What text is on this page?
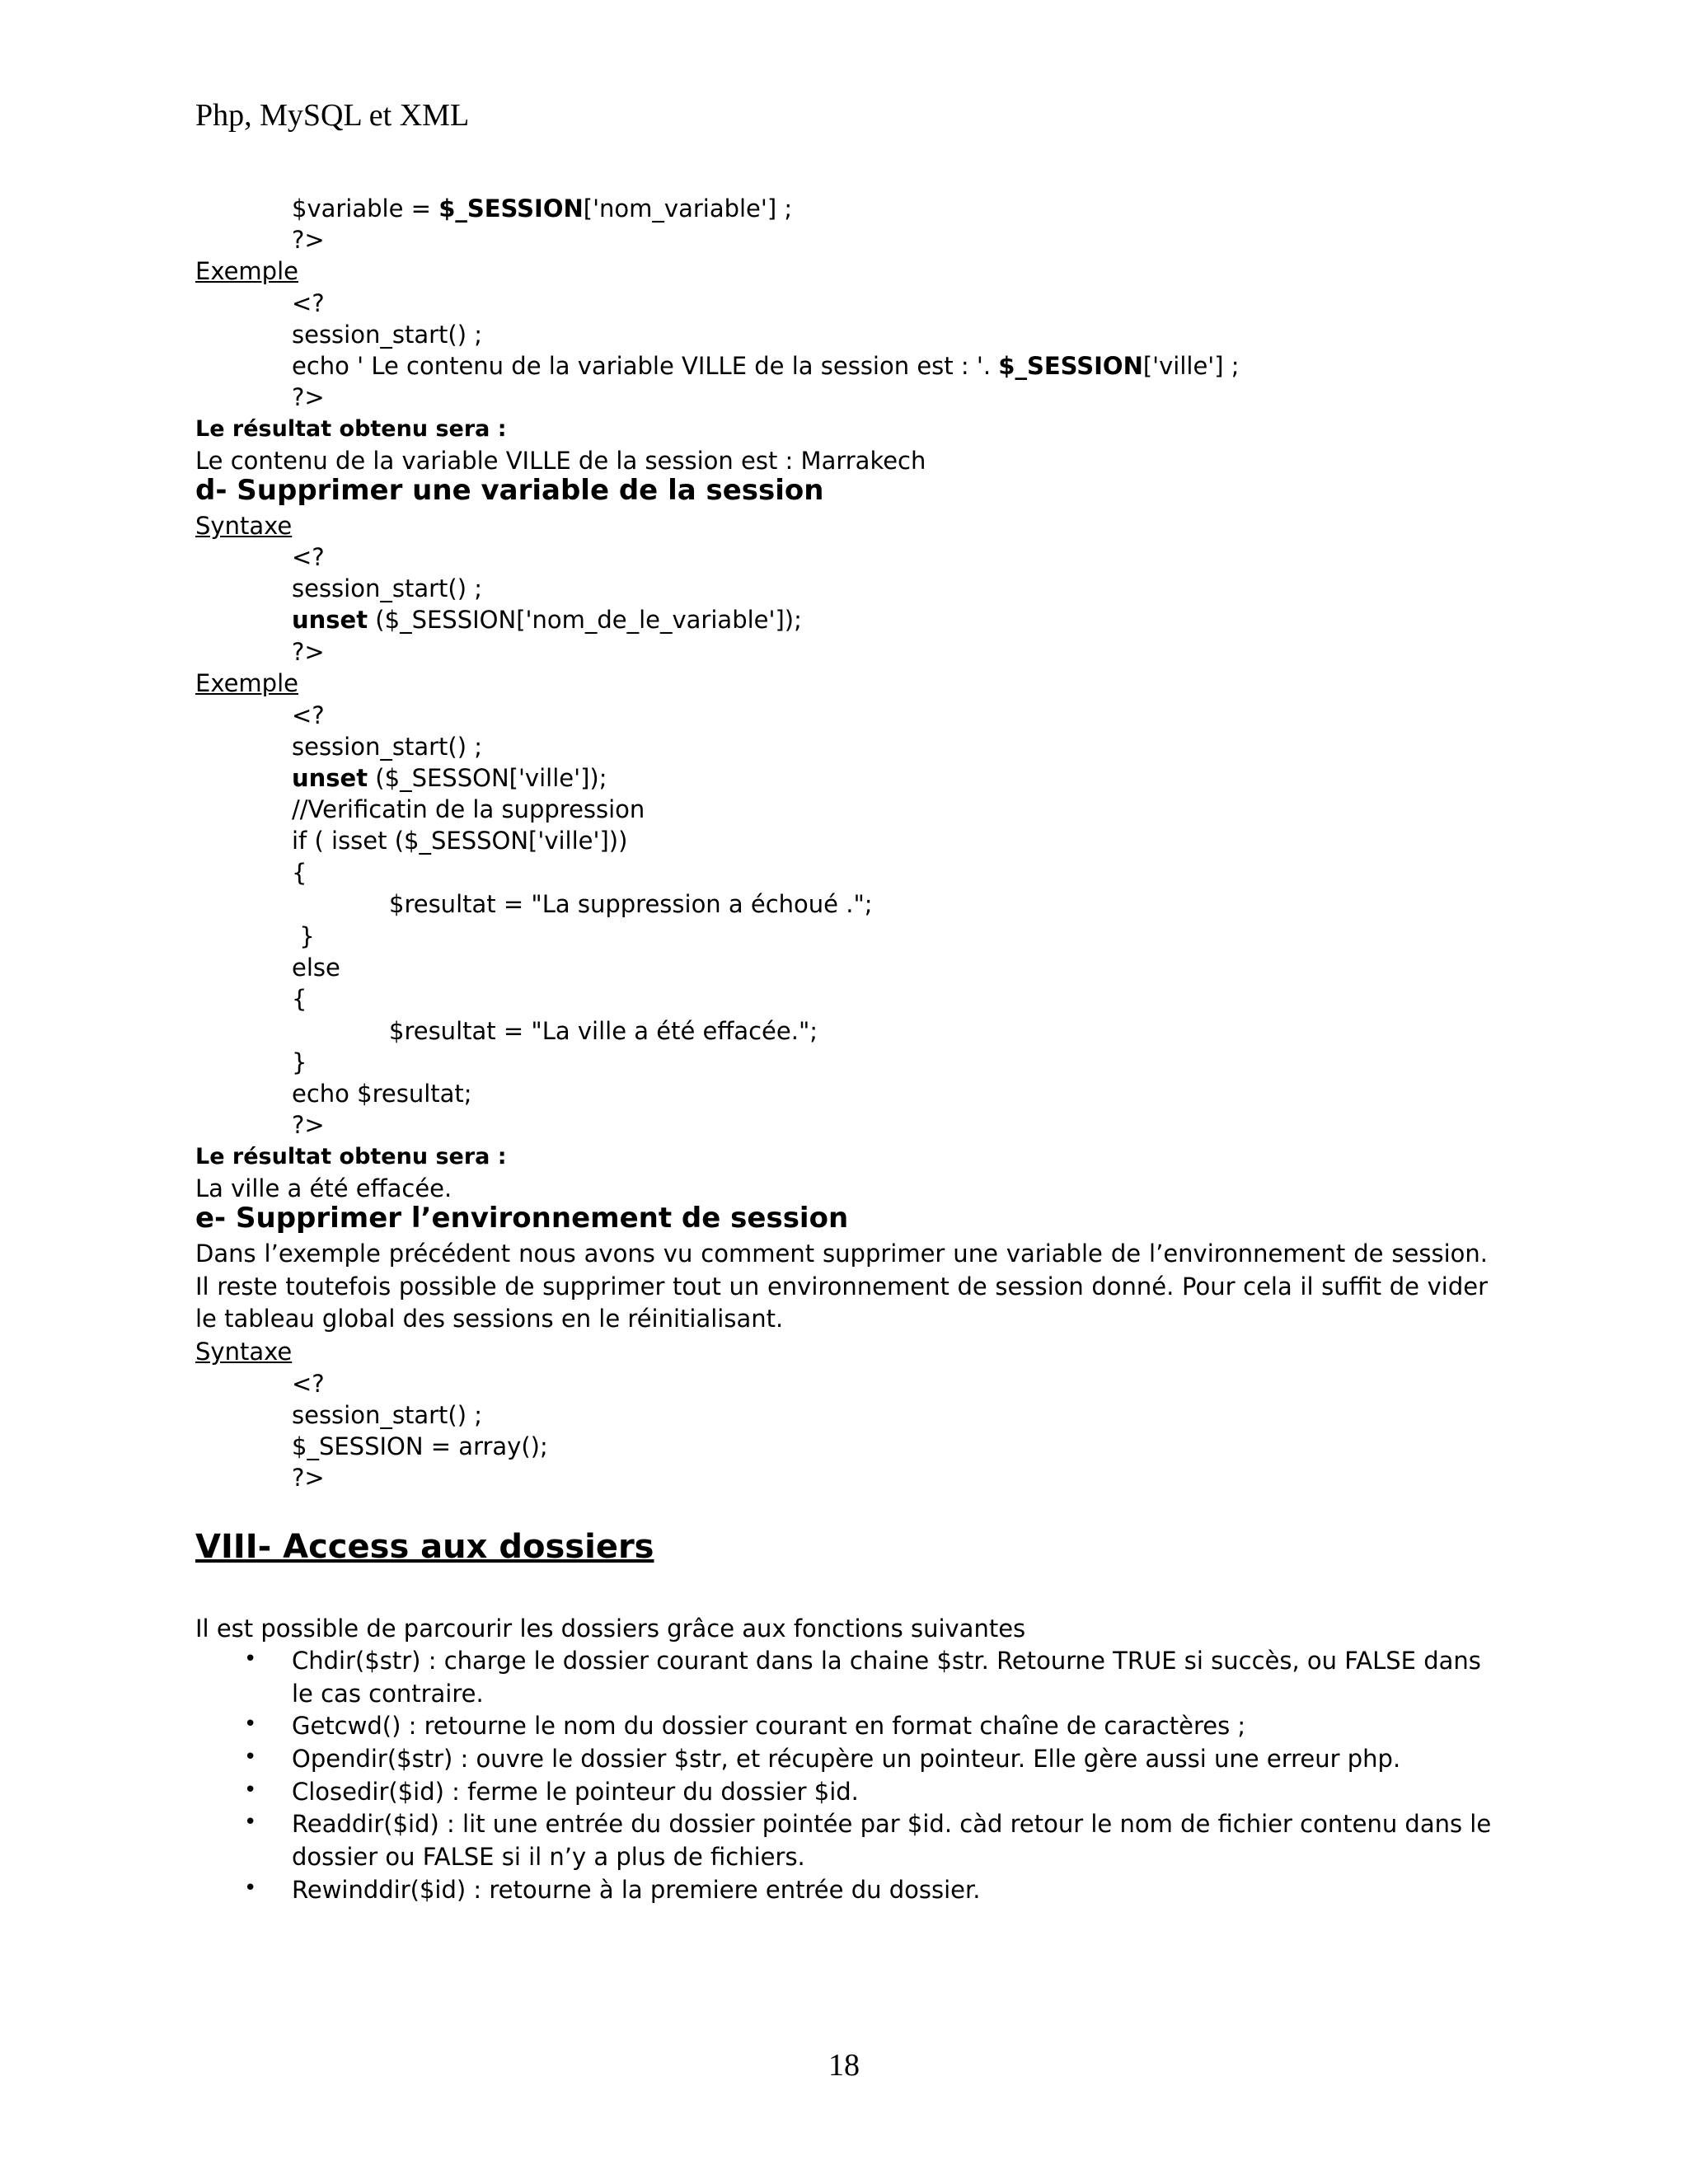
Php, MySQL et XML
$variable = $_SESSION['nom_variable'] ;
?>
Exemple
<?
session_start() ;
echo ' Le contenu de la variable VILLE de la session est : '. $_SESSION['ville'] ;
?>
Le résultat obtenu sera :
Le contenu de la variable VILLE de la session est : Marrakech
d- Supprimer une variable de la session
Syntaxe
<?
session_start() ;
unset ($_SESSION['nom_de_le_variable']);
?>
Exemple
<?
session_start() ;
unset ($_SESSON['ville']);
//Verificatin de la suppression
if ( isset ($_SESSON['ville']))
{
$resultat = "La suppression a échoué .";
}
else
{
$resultat = "La ville a été effacée.";
}
echo $resultat;
?>
Le résultat obtenu sera :
La ville a été effacée.
e- Supprimer l’environnement de session
Dans l’exemple précédent nous avons vu comment supprimer une variable de l’environnement de session. Il reste toutefois possible de supprimer tout un environnement de session donné. Pour cela il suffit de vider le tableau global des sessions en le réinitialisant.
Syntaxe
<?
session_start() ;
$_SESSION = array();
?>
VIII- Access aux dossiers
Il est possible de parcourir les dossiers grâce aux fonctions suivantes
• Chdir($str) : charge le dossier courant dans la chaine $str. Retourne TRUE si succès, ou FALSE dans le cas contraire.
• Getcwd() : retourne le nom du dossier courant en format chaîne de caractères ;
• Opendir($str) : ouvre le dossier $str, et récupère un pointeur. Elle gère aussi une erreur php.
• Closedir($id) : ferme le pointeur du dossier $id.
• Readdir($id) : lit une entrée du dossier pointée par $id. càd retour le nom de fichier contenu dans le dossier ou FALSE si il n’y a plus de fichiers.
• Rewinddir($id) : retourne à la premiere entrée du dossier.
18
